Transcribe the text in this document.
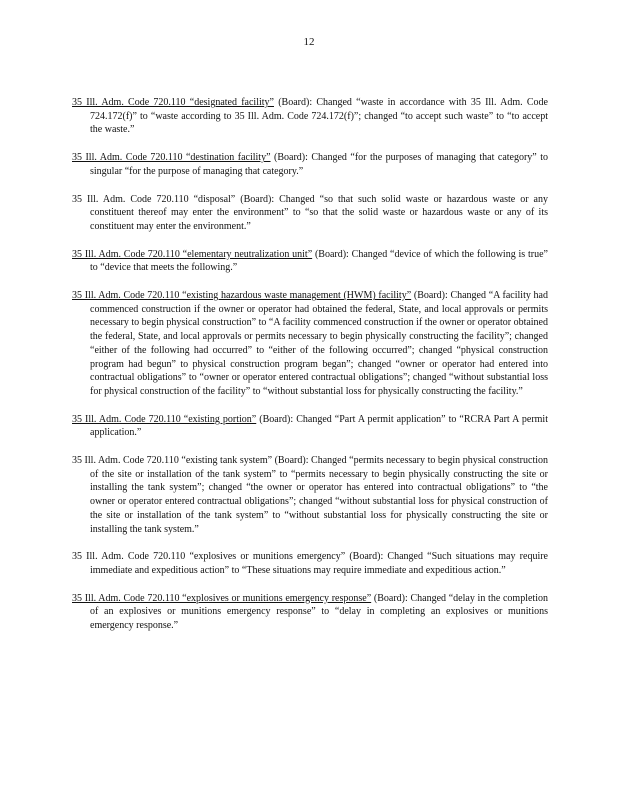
12

35 Ill. Adm. Code 720.110 “designated facility” (Board): Changed “waste in accordance with 35 Ill. Adm. Code 724.172(f)” to “waste according to 35 Ill. Adm. Code 724.172(f)”; changed “to accept such waste” to “to accept the waste.”

35 Ill. Adm. Code 720.110 “destination facility” (Board): Changed “for the purposes of managing that category” to singular “for the purpose of managing that category.”

35 Ill. Adm. Code 720.110 “disposal” (Board): Changed “so that such solid waste or hazardous waste or any constituent thereof may enter the environment” to “so that the solid waste or hazardous waste or any of its constituent may enter the environment.”

35 Ill. Adm. Code 720.110 “elementary neutralization unit” (Board): Changed “device of which the following is true” to “device that meets the following.”

35 Ill. Adm. Code 720.110 “existing hazardous waste management (HWM) facility” (Board): Changed “A facility had commenced construction if the owner or operator had obtained the federal, State, and local approvals or permits necessary to begin physical construction” to “A facility commenced construction if the owner or operator obtained the federal, State, and local approvals or permits necessary to begin physically constructing the facility”; changed “either of the following had occurred” to “either of the following occurred”; changed “physical construction program had begun” to physical construction program began”; changed “owner or operator had entered into contractual obligations” to “owner or operator entered contractual obligations”; changed “without substantial loss for physical construction of the facility” to “without substantial loss for physically constructing the facility.”

35 Ill. Adm. Code 720.110 “existing portion” (Board): Changed “Part A permit application” to “RCRA Part A permit application.”

35 Ill. Adm. Code 720.110 “existing tank system” (Board): Changed “permits necessary to begin physical construction of the site or installation of the tank system” to “permits necessary to begin physically constructing the site or installing the tank system”; changed “the owner or operator has entered into contractual obligations” to “the owner or operator entered contractual obligations”; changed “without substantial loss for physical construction of the site or installation of the tank system” to “without substantial loss for physically constructing the site or installing the tank system.”

35 Ill. Adm. Code 720.110 “explosives or munitions emergency” (Board): Changed “Such situations may require immediate and expeditious action” to “These situations may require immediate and expeditious action.”

35 Ill. Adm. Code 720.110 “explosives or munitions emergency response” (Board): Changed “delay in the completion of an explosives or munitions emergency response” to “delay in completing an explosives or munitions emergency response.”
